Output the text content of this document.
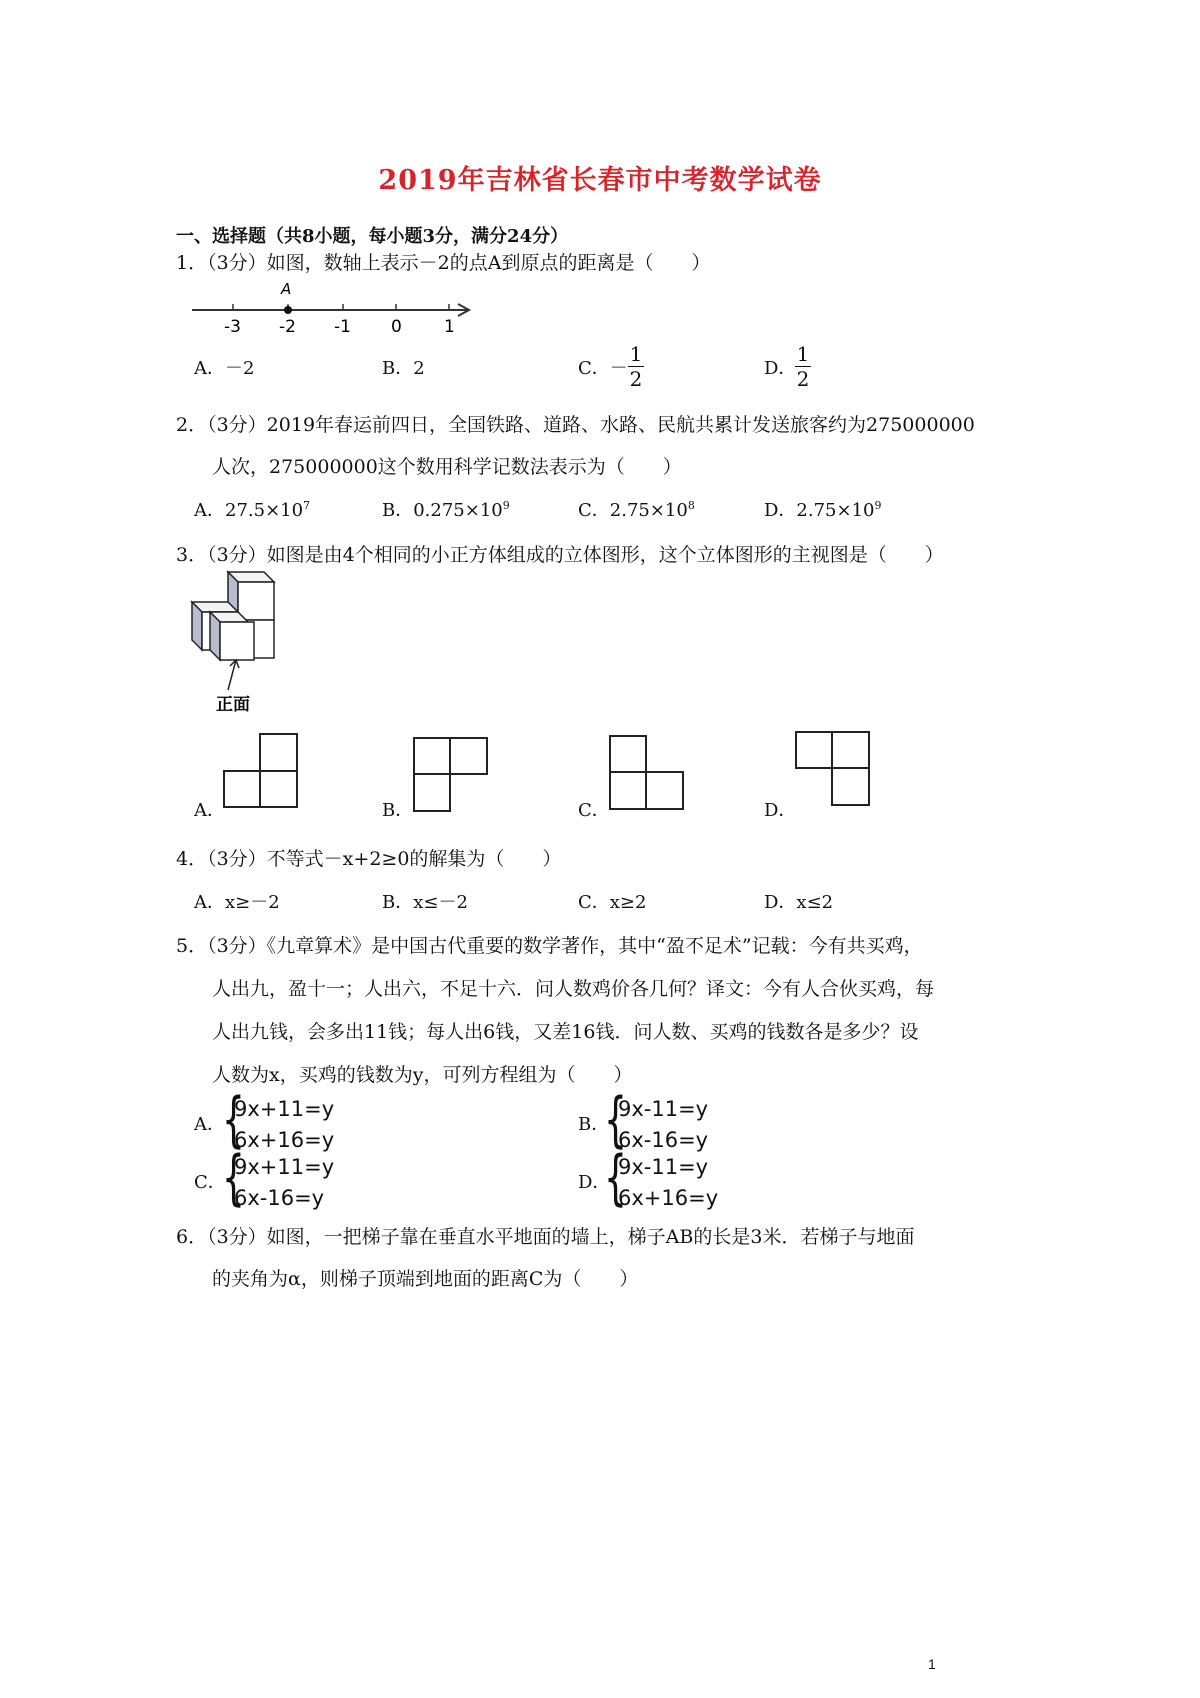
2019年吉林省长春市中考数学试卷
一、选择题（共8小题，每小题3分，满分24分）
1．（3分）如图，数轴上表示－2的点A到原点的距离是（　　）
A
-3 -2 -1 0 1
A．－2	B．2	C．－
1
2	D．
1
2
2．（3分）2019年春运前四日，全国铁路、道路、水路、民航共累计发送旅客约为275000000
人次，275000000这个数用科学记数法表示为（　　）
A．$27.5\times 10^7$	B．$0.275\times 10^9$	C．$2.75\times 10^8$	D．$2.75\times 10^9$
3．（3分）如图是由4个相同的小正方体组成的立体图形，这个立体图形的主视图是（　　）
正面
A．	B．	C．	D．
4．（3分）不等式－x+2≥0的解集为（　　）
A．x≥－2	B．x≤－2	C．x≥2	D．x≤2
5．（3分）《九章算术》是中国古代重要的数学著作，其中“盈不足术”记载：今有共买鸡，
人出九，盈十一；人出六，不足十六．问人数鸡价各几何？译文：今有人合伙买鸡，每
人出九钱，会多出11钱；每人出6钱，又差16钱．问人数、买鸡的钱数各是多少？设
人数为x，买鸡的钱数为y，可列方程组为（　　）
A．
{
9x+11=y
6x+16=y
B．
{
9x-11=y
6x-16=y
C．
{
9x+11=y
6x-16=y
D．
{
9x-11=y
6x+16=y
6．（3分）如图，一把梯子靠在垂直水平地面的墙上，梯子AB的长是3米．若梯子与地面
的夹角为α，则梯子顶端到地面的距离C为（　　）
1
